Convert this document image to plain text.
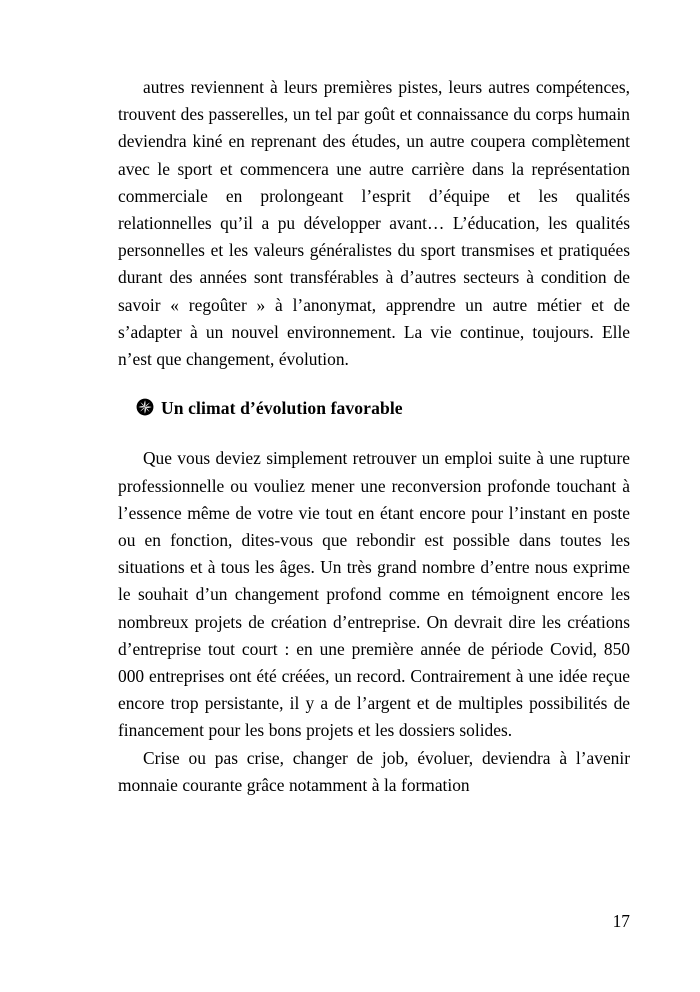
autres reviennent à leurs premières pistes, leurs autres compétences, trouvent des passerelles, un tel par goût et connaissance du corps humain deviendra kiné en reprenant des études, un autre coupera complètement avec le sport et commencera une autre carrière dans la représentation commerciale en prolongeant l’esprit d’équipe et les qualités relationnelles qu’il a pu développer avant… L’éducation, les qualités personnelles et les valeurs généralistes du sport transmises et pratiquées durant des années sont transférables à d’autres secteurs à condition de savoir « regoûter » à l’anonymat, apprendre un autre métier et de s’adapter à un nouvel environnement. La vie continue, toujours. Elle n’est que changement, évolution.

Un climat d’évolution favorable

Que vous deviez simplement retrouver un emploi suite à une rupture professionnelle ou vouliez mener une reconversion profonde touchant à l’essence même de votre vie tout en étant encore pour l’instant en poste ou en fonction, dites-vous que rebondir est possible dans toutes les situations et à tous les âges. Un très grand nombre d’entre nous exprime le souhait d’un changement profond comme en témoignent encore les nombreux projets de création d’entreprise. On devrait dire les créations d’entreprise tout court : en une première année de période Covid, 850 000 entreprises ont été créées, un record. Contrairement à une idée reçue encore trop persistante, il y a de l’argent et de multiples possibilités de financement pour les bons projets et les dossiers solides.

Crise ou pas crise, changer de job, évoluer, deviendra à l’avenir monnaie courante grâce notamment à la formation

17
